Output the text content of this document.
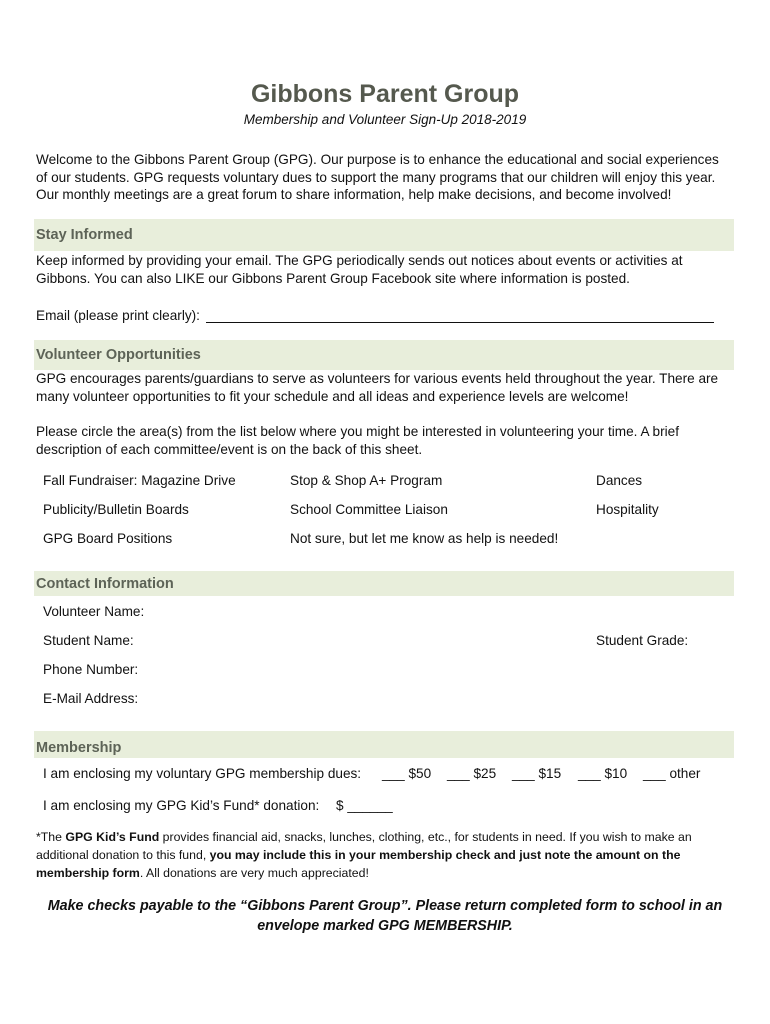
Gibbons Parent Group
Membership and Volunteer Sign-Up 2018-2019
Welcome to the Gibbons Parent Group (GPG). Our purpose is to enhance the educational and social experiences
of our students. GPG requests voluntary dues to support the many programs that our children will enjoy this year.
Our monthly meetings are a great forum to share information, help make decisions, and become involved!
Stay Informed
Keep informed by providing your email. The GPG periodically sends out notices about events or activities at
Gibbons. You can also LIKE our Gibbons Parent Group Facebook site where information is posted.
Email (please print clearly):
Volunteer Opportunities
GPG encourages parents/guardians to serve as volunteers for various events held throughout the year. There are
many volunteer opportunities to fit your schedule and all ideas and experience levels are welcome!
Please circle the area(s) from the list below where you might be interested in volunteering your time. A brief
description of each committee/event is on the back of this sheet.
Fall Fundraiser: Magazine Drive	Stop & Shop A+ Program	Dances
Publicity/Bulletin Boards	School Committee Liaison	Hospitality
GPG Board Positions	Not sure, but let me know as help is needed!
Contact Information
Volunteer Name:
Student Name:	Student Grade:
Phone Number:
E-Mail Address:
Membership
I am enclosing my voluntary GPG membership dues: ___ $50 ___ $25 ___ $15 ___ $10 ___ other
I am enclosing my GPG Kid’s Fund* donation: $ ______
*The GPG Kid’s Fund provides financial aid, snacks, lunches, clothing, etc., for students in need. If you wish to make an additional donation to this fund, you may include this in your membership check and just note the amount on the membership form. All donations are very much appreciated!
Make checks payable to the “Gibbons Parent Group”. Please return completed form to school in an
envelope marked GPG MEMBERSHIP.
